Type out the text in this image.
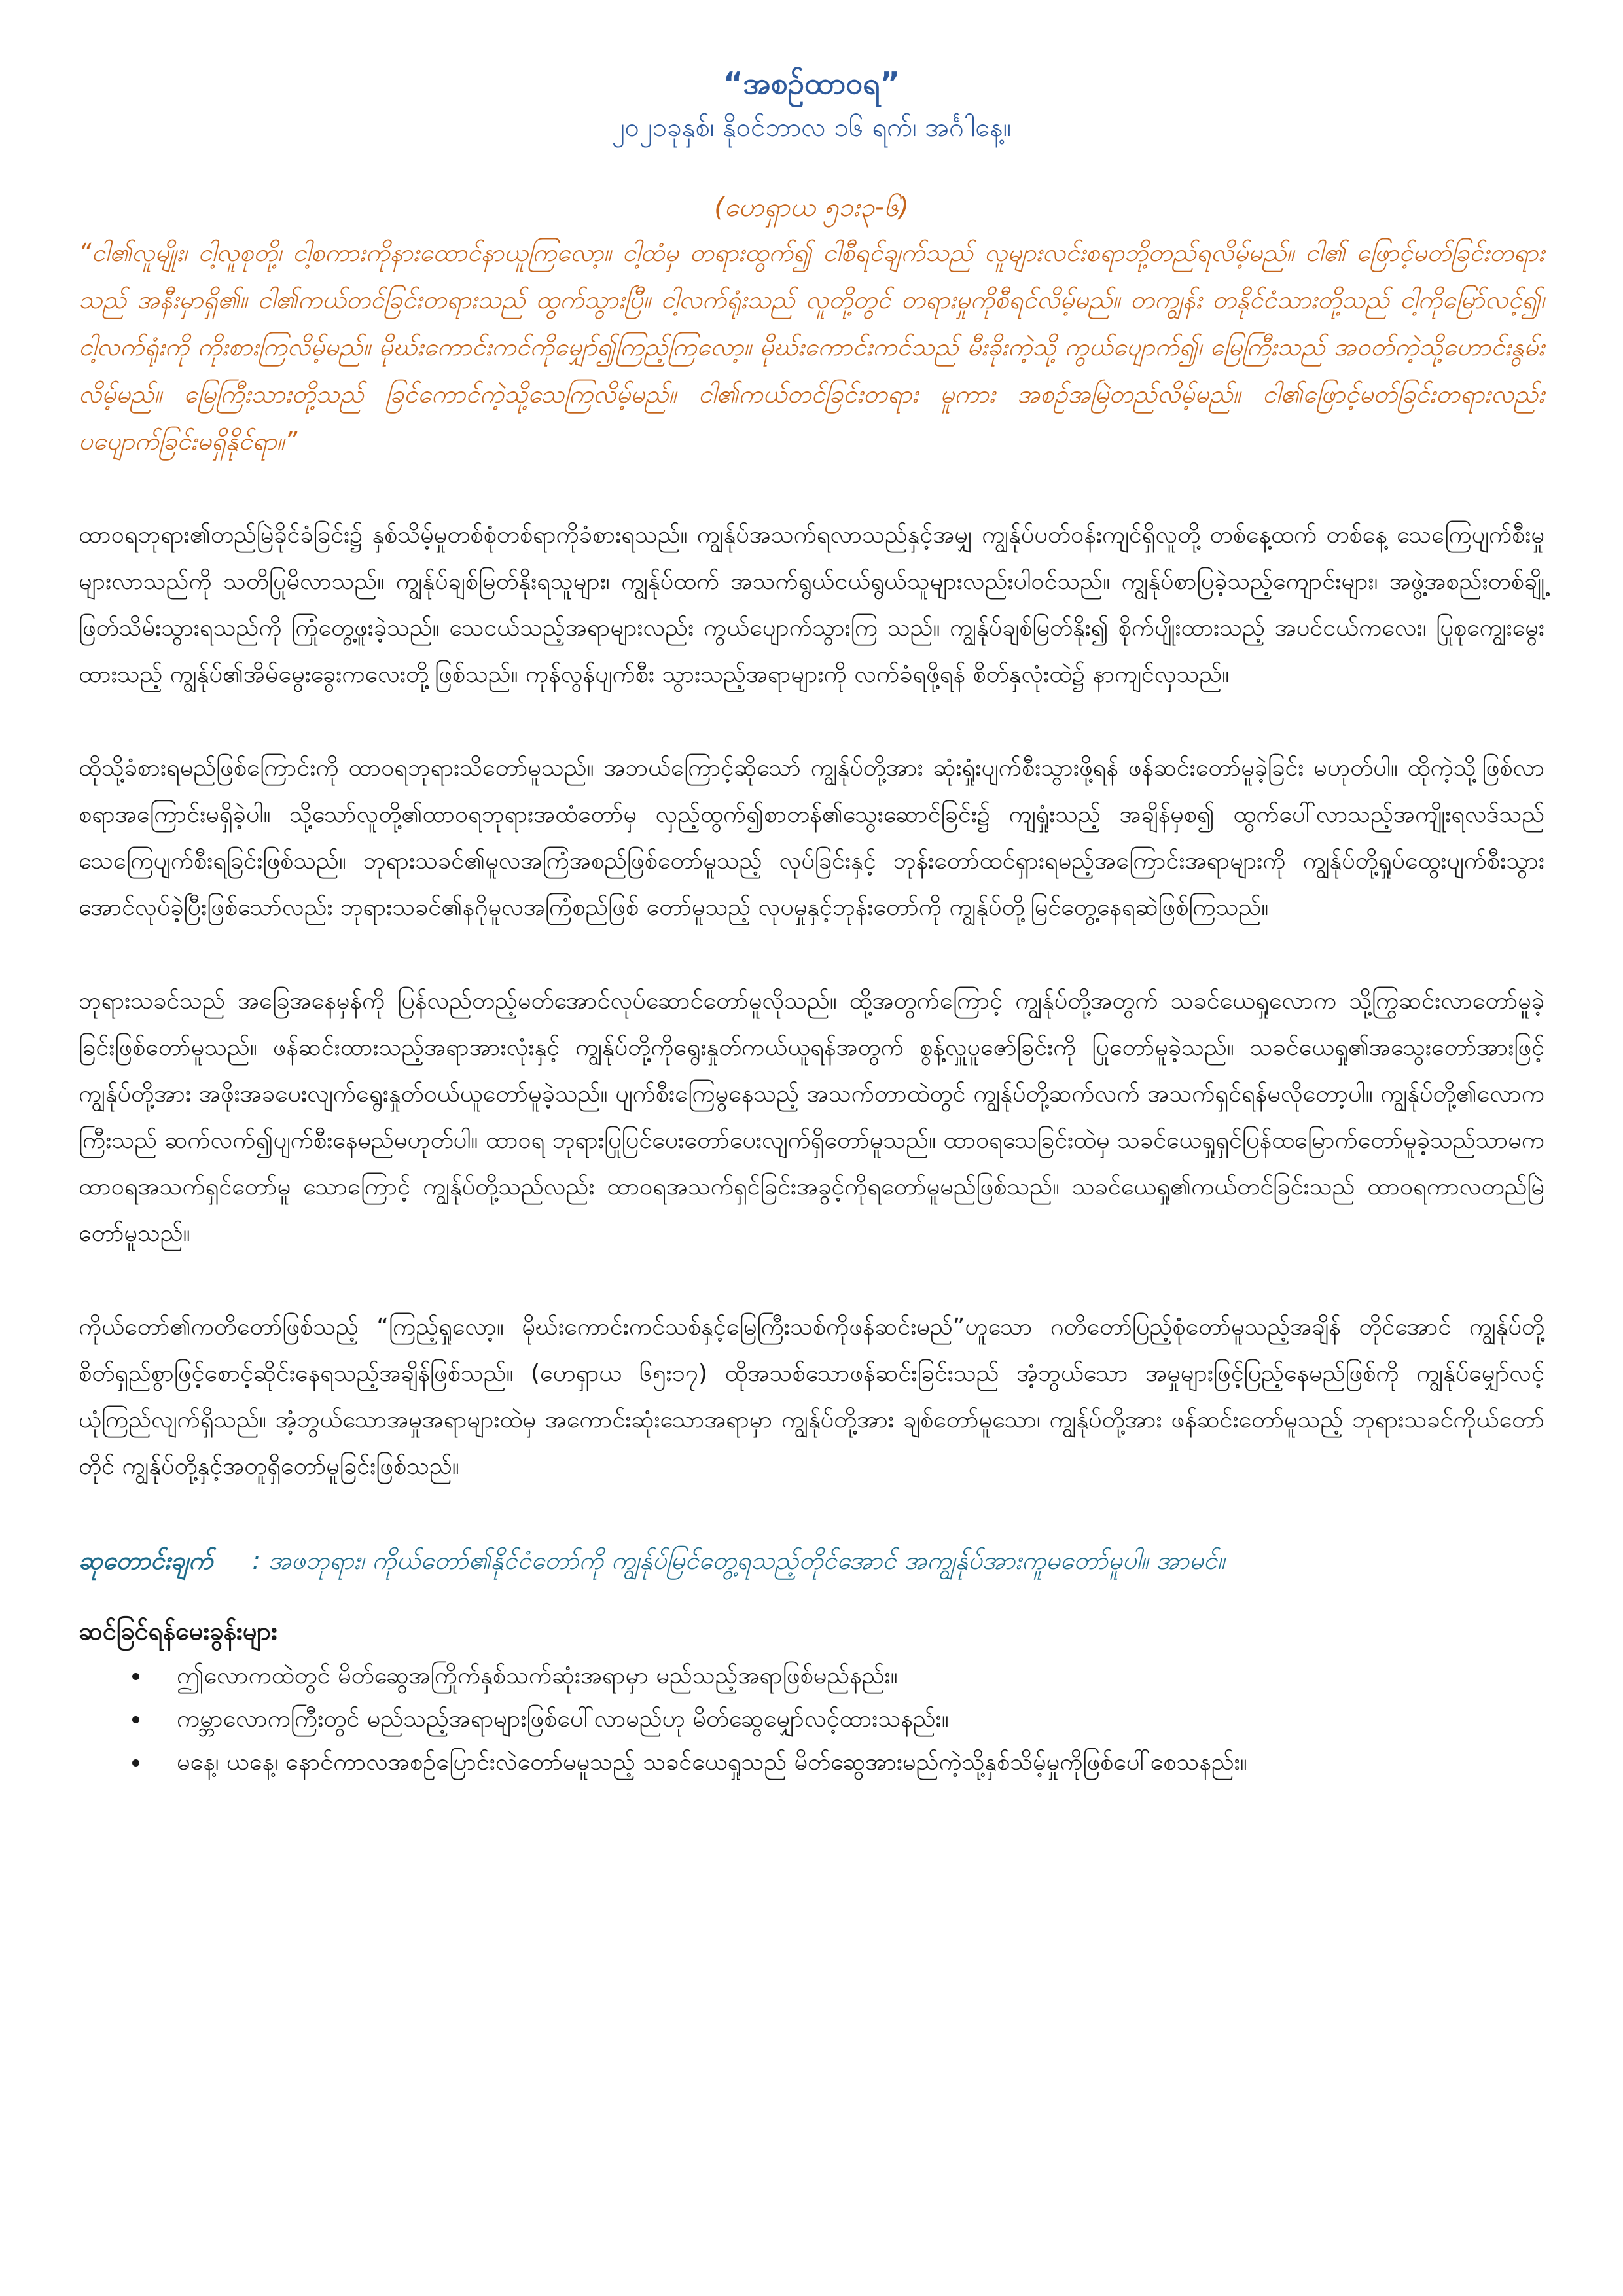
“အစဉ်ထာဝရ”
၂၀၂၁ခုနှစ်၊ နိုဝင်ဘာလ ၁၆ ရက်၊ အင်္ဂါနေ့။
(ဟေရှာယ ၅၁း၃-၆)

“ငါ၏လူမျိုး၊ ငါ့လူစုတို့၊ ငါ့စကားကိုနားထောင်နာယူကြလော့။ ငါ့ထံမှ တရားထွက်၍ ငါစီရင်ချက်သည် လူများလင်းစရာဘို့တည်ရလိမ့်မည်။ ငါ၏ ဖြောင့်မတ်ခြင်းတရားသည် အနီးမှာရှိ၏။ ငါ၏ကယ်တင်ခြင်းတရားသည် ထွက်သွားပြီ။ ငါ့လက်ရုံးသည် လူတို့တွင် တရားမှုကိုစီရင်လိမ့်မည်။ တကျွန်း တနိုင်ငံသားတို့သည် ငါ့ကိုမြော်လင့်၍၊ ငါ့လက်ရုံးကို ကိုးစားကြလိမ့်မည်။ မိုဃ်းကောင်းကင်ကိုမျှော်၍ကြည့်ကြလော့။ မိုဃ်းကောင်းကင်သည် မီးခိုးကဲ့သို့ ကွယ်ပျောက်၍၊ မြေကြီးသည် အဝတ်ကဲ့သို့ဟောင်းနွမ်းလိမ့်မည်။ မြေကြီးသားတို့သည် ခြင်ကောင်ကဲ့သို့သေကြလိမ့်မည်။ ငါ၏ကယ်တင်ခြင်းတရား မူကား အစဉ်အမြဲတည်လိမ့်မည်။ ငါ၏ဖြောင့်မတ်ခြင်းတရားလည်း ပပျောက်ခြင်းမရှိနိုင်ရာ။”

ထာဝရဘုရား၏တည်မြဲခိုင်ခံခြင်း၌ နှစ်သိမ့်မှုတစ်စုံတစ်ရာကိုခံစားရသည်။ ကျွန်ုပ်အသက်ရလာသည်နှင့်အမျှ ကျွန်ုပ်ပတ်ဝန်းကျင်ရှိလူတို့ တစ်နေ့ထက် တစ်နေ့ သေကြေပျက်စီးမှုများလာသည်ကို သတိပြုမိလာသည်။ ကျွန်ုပ်ချစ်မြတ်နိုးရသူများ၊ ကျွန်ုပ်ထက် အသက်ရွယ်ငယ်ရွယ်သူများလည်းပါဝင်သည်။ ကျွန်ုပ်စာပြခဲ့သည့်ကျောင်းများ၊ အဖွဲ့အစည်းတစ်ချို့ ဖြတ်သိမ်းသွားရသည်ကို ကြုံတွေ့ဖူးခဲ့သည်။ သေငယ်သည့်အရာများလည်း ကွယ်ပျောက်သွားကြ သည်။ ကျွန်ုပ်ချစ်မြတ်နိုး၍ စိုက်ပျိုးထားသည့် အပင်ငယ်ကလေး၊ ပြုစုကျွေးမွေးထားသည့် ကျွန်ုပ်၏အိမ်မွေးခွေးကလေးတို့ဖြစ်သည်။ ကုန်လွန်ပျက်စီး သွားသည့်အရာများကို လက်ခံရဖို့ရန် စိတ်နှလုံးထဲ၌ နာကျင်လှသည်။

ထိုသို့ခံစားရမည်ဖြစ်ကြောင်းကို ထာဝရဘုရားသိတော်မူသည်။ အဘယ်ကြောင့်ဆိုသော် ကျွန်ုပ်တို့အား ဆုံးရှုံးပျက်စီးသွားဖို့ရန် ဖန်ဆင်းတော်မူခဲ့ခြင်း မဟုတ်ပါ။ ထိုကဲ့သို့ဖြစ်လာစရာအကြောင်းမရှိခဲ့ပါ။ သို့သော်လူတို့၏ထာဝရဘုရားအထံတော်မှ လှည့်ထွက်၍စာတန်၏သွေးဆောင်ခြင်း၌ ကျရှုံးသည့် အချိန်မှစ၍ ထွက်ပေါ်လာသည့်အကျိုးရလဒ်သည် သေကြေပျက်စီးရခြင်းဖြစ်သည်။ ဘုရားသခင်၏မူလအကြံအစည်ဖြစ်တော်မူသည့် လုပ်ခြင်းနှင့် ဘုန်းတော်ထင်ရှားရမည့်အကြောင်းအရာများကို ကျွန်ုပ်တို့ရှုပ်ထွေးပျက်စီးသွားအောင်လုပ်ခဲ့ပြီးဖြစ်သော်လည်း ဘုရားသခင်၏နဂိုမူလအကြံစည်ဖြစ် တော်မူသည့် လုပမှုနှင့်ဘုန်းတော်ကို ကျွန်ုပ်တို့မြင်တွေ့နေရဆဲဖြစ်ကြသည်။

ဘုရားသခင်သည် အခြေအနေမှန်ကို ပြန်လည်တည့်မတ်အောင်လုပ်ဆောင်တော်မူလိုသည်။ ထို့အတွက်ကြောင့် ကျွန်ုပ်တို့အတွက် သခင်ယေရှုလောက သို့ကြွဆင်းလာတော်မူခဲ့ခြင်းဖြစ်တော်မူသည်။ ဖန်ဆင်းထားသည့်အရာအားလုံးနှင့် ကျွန်ုပ်တို့ကိုရွေးနှုတ်ကယ်ယူရန်အတွက် စွန့်လှူပူဇော်ခြင်းကို ပြုတော်မူခဲ့သည်။ သခင်ယေရှု၏အသွေးတော်အားဖြင့် ကျွန်ုပ်တို့အား အဖိုးအခပေးလျက်ရွေးနှုတ်ဝယ်ယူတော်မူခဲ့သည်။ ပျက်စီးကြေမွနေသည့် အသက်တာထဲတွင် ကျွန်ုပ်တို့ဆက်လက် အသက်ရှင်ရန်မလိုတော့ပါ။ ကျွန်ုပ်တို့၏လောကကြီးသည် ဆက်လက်၍ပျက်စီးနေမည်မဟုတ်ပါ။ ထာဝရ ဘုရားပြုပြင်ပေးတော်ပေးလျက်ရှိတော်မူသည်။ ထာဝရသေခြင်းထဲမှ သခင်ယေရှုရှင်ပြန်ထမြောက်တော်မူခဲ့သည်သာမက ထာဝရအသက်ရှင်တော်မူ သောကြောင့် ကျွန်ုပ်တို့သည်လည်း ထာဝရအသက်ရှင်ခြင်းအခွင့်ကိုရတော်မူမည်ဖြစ်သည်။ သခင်ယေရှု၏ကယ်တင်ခြင်းသည် ထာဝရကာလတည်မြဲ တော်မူသည်။

ကိုယ်တော်၏ကတိတော်ဖြစ်သည့် “ကြည့်ရှုလော့။ မိုဃ်းကောင်းကင်သစ်နှင့်မြေကြီးသစ်ကိုဖန်ဆင်းမည်”ဟူသော ဂတိတော်ပြည့်စုံတော်မူသည့်အချိန် တိုင်အောင် ကျွန်ုပ်တို့ စိတ်ရှည်စွာဖြင့်စောင့်ဆိုင်းနေရသည့်အချိန်ဖြစ်သည်။ (ဟေရှာယ ၆၅း၁၇) ထိုအသစ်သောဖန်ဆင်းခြင်းသည် အံ့ဘွယ်သော အမှုများဖြင့်ပြည့်နေမည်ဖြစ်ကို ကျွန်ုပ်မျှော်လင့်ယုံကြည်လျက်ရှိသည်။ အံ့ဘွယ်သောအမှုအရာများထဲမှ အကောင်းဆုံးသောအရာမှာ ကျွန်ုပ်တို့အား ချစ်တော်မူသော၊ ကျွန်ုပ်တို့အား ဖန်ဆင်းတော်မူသည့် ဘုရားသခင်ကိုယ်တော်တိုင် ကျွန်ုပ်တို့နှင့်အတူရှိတော်မူခြင်းဖြစ်သည်။

ဆုတောင်းချက် : အဖဘုရား၊ ကိုယ်တော်၏နိုင်ငံတော်ကို ကျွန်ုပ်မြင်တွေ့ရသည့်တိုင်အောင် အကျွန်ုပ်အားကူမတော်မူပါ။ အာမင်။

ဆင်ခြင်ရန်မေးခွန်းများ

• ဤလောကထဲတွင် မိတ်ဆွေအကြိုက်နှစ်သက်ဆုံးအရာမှာ မည်သည့်အရာဖြစ်မည်နည်း။
• ကမ္ဘာလောကကြီးတွင် မည်သည့်အရာများဖြစ်ပေါ်လာမည်ဟု မိတ်ဆွေမျှော်လင့်ထားသနည်း။
• မနေ့၊ ယနေ့၊ နောင်ကာလအစဉ်ပြောင်းလဲတော်မမူသည့် သခင်ယေရှုသည် မိတ်ဆွေအားမည်ကဲ့သို့နှစ်သိမ့်မှုကိုဖြစ်ပေါ်စေသနည်း။
